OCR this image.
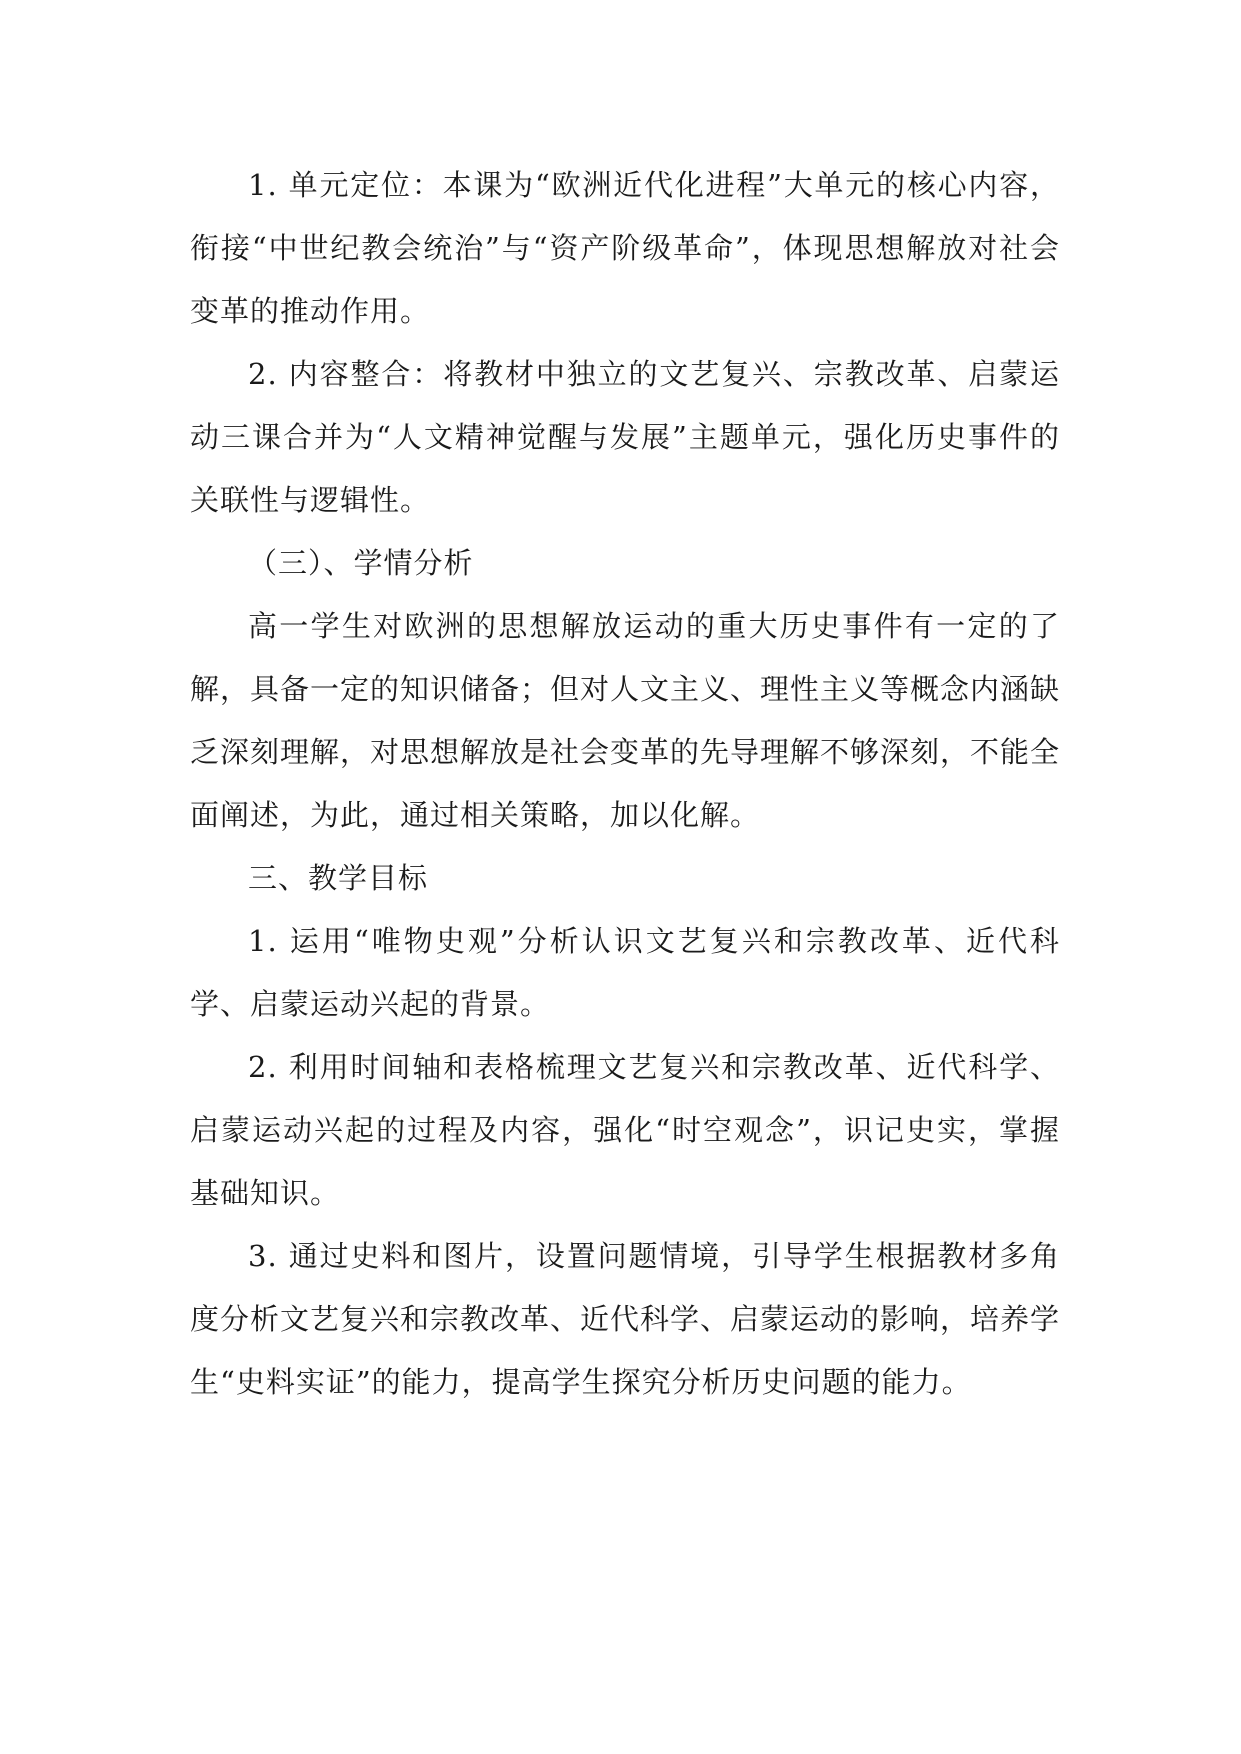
1. 单元定位：本课为“欧洲近代化进程”大单元的核心内容，衔接“中世纪教会统治”与“资产阶级革命”，体现思想解放对社会变革的推动作用。

2. 内容整合：将教材中独立的文艺复兴、宗教改革、启蒙运动三课合并为“人文精神觉醒与发展”主题单元，强化历史事件的关联性与逻辑性。

（三）、学情分析

高一学生对欧洲的思想解放运动的重大历史事件有一定的了解，具备一定的知识储备；但对人文主义、理性主义等概念内涵缺乏深刻理解，对思想解放是社会变革的先导理解不够深刻，不能全面阐述，为此，通过相关策略，加以化解。

三、教学目标

1. 运用“唯物史观”分析认识文艺复兴和宗教改革、近代科学、启蒙运动兴起的背景。

2. 利用时间轴和表格梳理文艺复兴和宗教改革、近代科学、启蒙运动兴起的过程及内容，强化“时空观念”，识记史实，掌握基础知识。

3. 通过史料和图片，设置问题情境，引导学生根据教材多角度分析文艺复兴和宗教改革、近代科学、启蒙运动的影响，培养学生“史料实证”的能力，提高学生探究分析历史问题的能力。
